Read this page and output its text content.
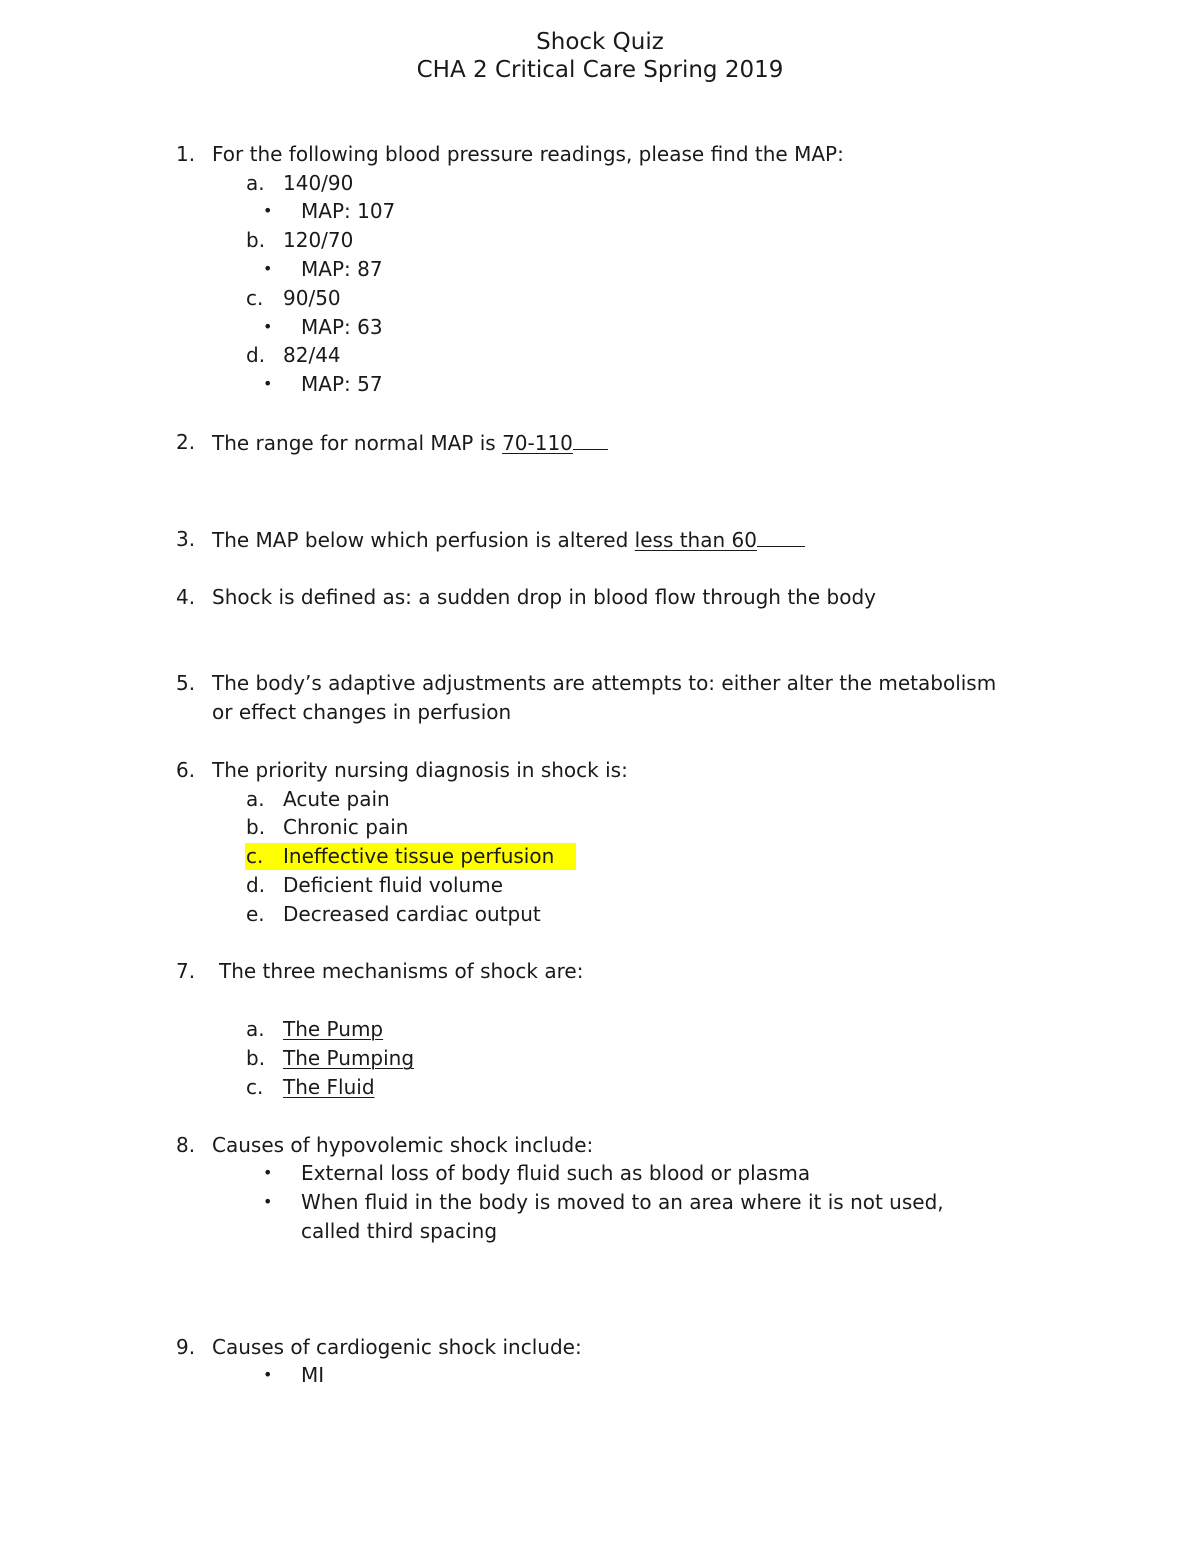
Shock Quiz
CHA 2 Critical Care Spring 2019
1. For the following blood pressure readings, please find the MAP:
a. 140/90
• MAP: 107
b. 120/70
• MAP: 87
c. 90/50
• MAP: 63
d. 82/44
• MAP: 57
2. The range for normal MAP is 70-110
3. The MAP below which perfusion is altered less than 60
4. Shock is defined as: a sudden drop in blood flow through the body
5. The body’s adaptive adjustments are attempts to: either alter the metabolism
or effect changes in perfusion
6. The priority nursing diagnosis in shock is:
a. Acute pain
b. Chronic pain
c. Ineffective tissue perfusion
d. Deficient fluid volume
e. Decreased cardiac output
7. The three mechanisms of shock are:
a. The Pump
b. The Pumping
c. The Fluid
8. Causes of hypovolemic shock include:
• External loss of body fluid such as blood or plasma
• When fluid in the body is moved to an area where it is not used,
called third spacing
9. Causes of cardiogenic shock include:
• MI
